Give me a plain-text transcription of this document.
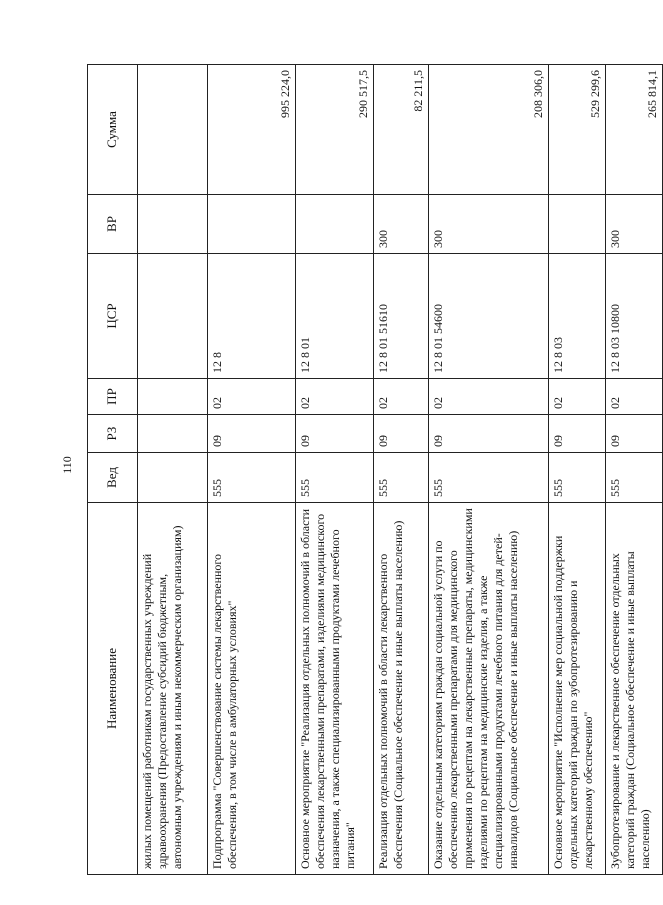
110
Наименование	Вед	РЗ	ПР	ЦСР	ВР	Сумма
жилых помещений работникам государственных учреждений здравоохранения (Предоставление субсидий бюджетным, автономным учреждениям и иным некоммерческим организациям)						
Подпрограмма "Совершенствование системы лекарственного обеспечения, в том числе в амбулаторных условиях"	555	09	02	12 8		995 224,0
Основное мероприятие "Реализация отдельных полномочий в области обеспечения лекарственными препаратами, изделиями медицинского назначения, а также специализированными продуктами лечебного питания"	555	09	02	12 8 01		290 517,5
Реализация отдельных полномочий в области лекарственного обеспечения (Социальное обеспечение и иные выплаты населению)	555	09	02	12 8 01 51610	300	82 211,5
Оказание отдельным категориям граждан социальной услуги по обеспечению лекарственными препаратами для медицинского применения по рецептам на лекарственные препараты, медицинскими изделиями по рецептам на медицинские изделия, а также специализированными продуктами лечебного питания для детей-инвалидов (Социальное обеспечение и иные выплаты населению)	555	09	02	12 8 01 54600	300	208 306,0
Основное мероприятие "Исполнение мер социальной поддержки отдельных категорий граждан по зубопротезированию и лекарственному обеспечению"	555	09	02	12 8 03		529 299,6
Зубопротезирование и лекарственное обеспечение отдельных категорий граждан (Социальное обеспечение и иные выплаты населению)	555	09	02	12 8 03 10800	300	265 814,1
